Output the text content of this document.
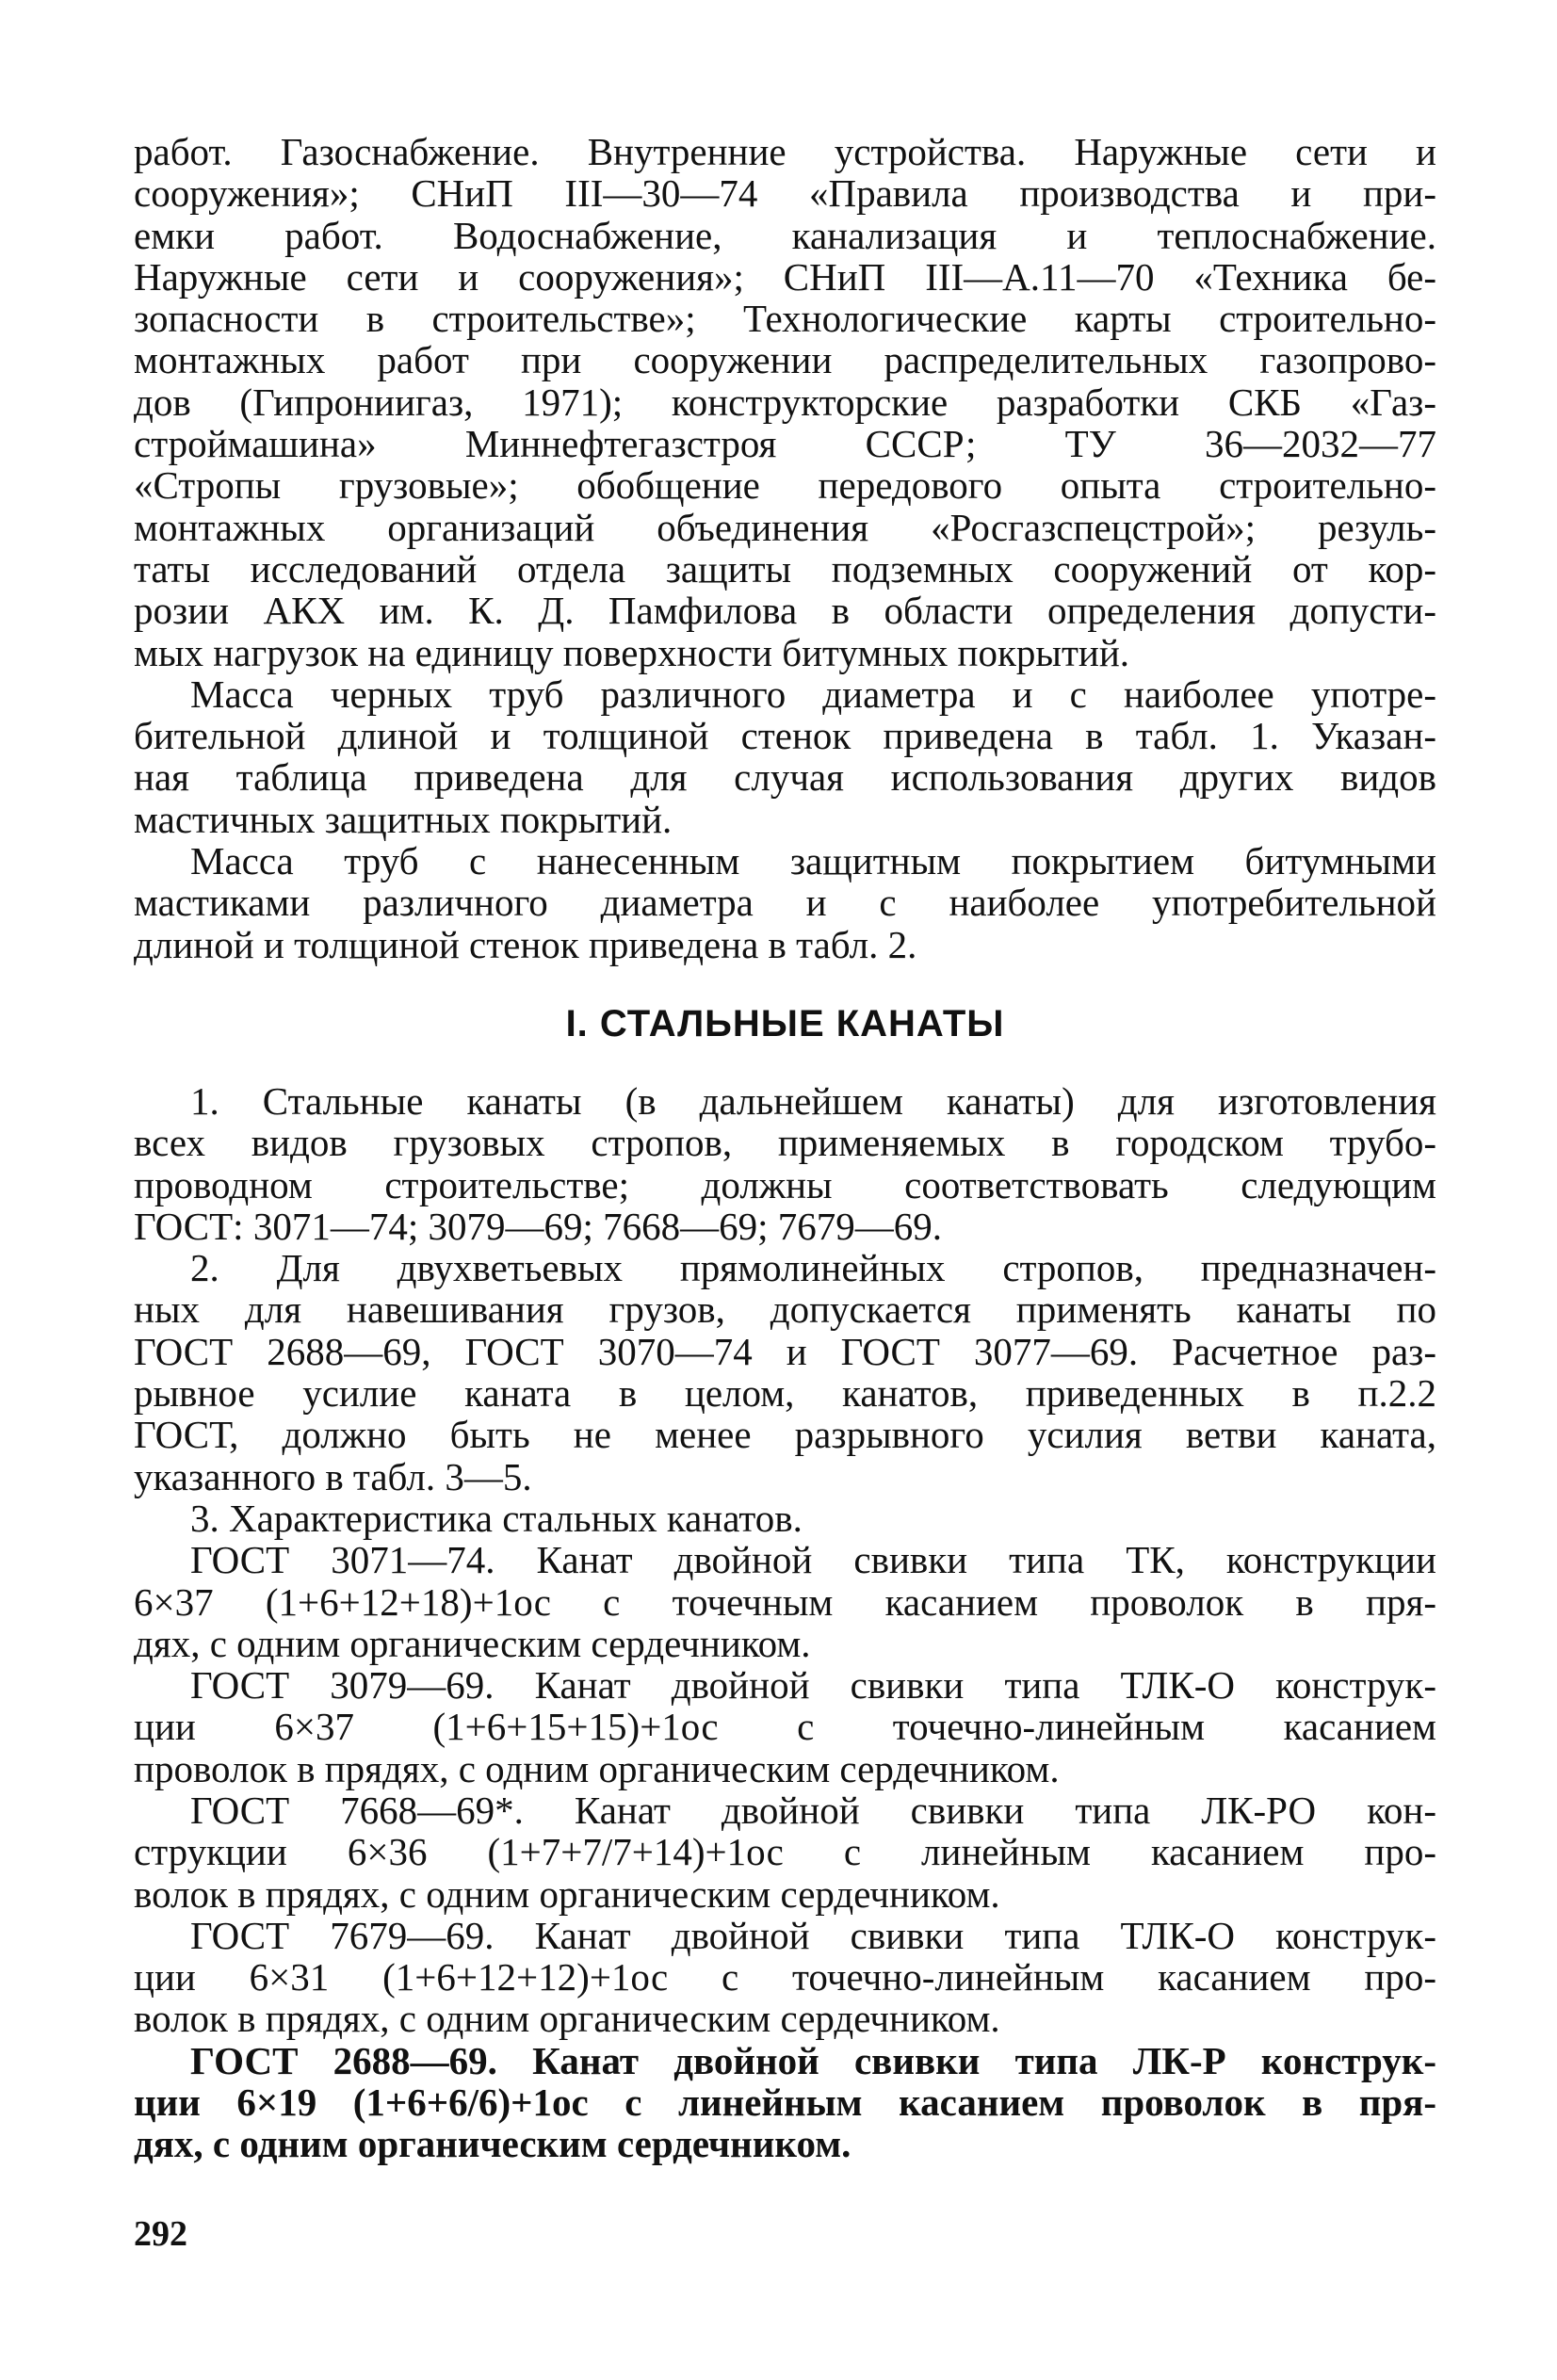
работ. Газоснабжение. Внутренние устройства. Наружные сети и
сооружения»; СНиП III—30—74 «Правила производства и при-
емки работ. Водоснабжение, канализация и теплоснабжение.
Наружные сети и сооружения»; СНиП III—А.11—70 «Техника бе-
зопасности в строительстве»; Технологические карты строительно-
монтажных работ при сооружении распределительных газопрово-
дов (Гипрониигаз, 1971); конструкторские разработки СКБ «Газ-
строймашина» Миннефтегазстроя СССР; ТУ 36—2032—77
«Стропы грузовые»; обобщение передового опыта строительно-
монтажных организаций объединения «Росгазспецстрой»; резуль-
таты исследований отдела защиты подземных сооружений от кор-
розии АКХ им. К. Д. Памфилова в области определения допусти-
мых нагрузок на единицу поверхности битумных покрытий.
Масса черных труб различного диаметра и с наиболее употре-
бительной длиной и толщиной стенок приведена в табл. 1. Указан-
ная таблица приведена для случая использования других видов
мастичных защитных покрытий.
Масса труб с нанесенным защитным покрытием битумными
мастиками различного диаметра и с наиболее употребительной
длиной и толщиной стенок приведена в табл. 2.
I. СТАЛЬНЫЕ КАНАТЫ
1. Стальные канаты (в дальнейшем канаты) для изготовления
всех видов грузовых стропов, применяемых в городском трубо-
проводном строительстве; должны соответствовать следующим
ГОСТ: 3071—74; 3079—69; 7668—69; 7679—69.
2. Для двухветьевых прямолинейных стропов, предназначен-
ных для навешивания грузов, допускается применять канаты по
ГОСТ 2688—69, ГОСТ 3070—74 и ГОСТ 3077—69. Расчетное раз-
рывное усилие каната в целом, канатов, приведенных в п.2.2
ГОСТ, должно быть не менее разрывного усилия ветви каната,
указанного в табл. 3—5.
3. Характеристика стальных канатов.
ГОСТ 3071—74. Канат двойной свивки типа ТК, конструкции
6×37 (1+6+12+18)+1ос с точечным касанием проволок в пря-
дях, с одним органическим сердечником.
ГОСТ 3079—69. Канат двойной свивки типа ТЛК-О конструк-
ции 6×37 (1+6+15+15)+1ос с точечно-линейным касанием
проволок в прядях, с одним органическим сердечником.
ГОСТ 7668—69*. Канат двойной свивки типа ЛК-РО кон-
струкции 6×36 (1+7+7/7+14)+1ос с линейным касанием про-
волок в прядях, с одним органическим сердечником.
ГОСТ 7679—69. Канат двойной свивки типа ТЛК-О конструк-
ции 6×31 (1+6+12+12)+1ос с точечно-линейным касанием про-
волок в прядях, с одним органическим сердечником.
ГОСТ 2688—69. Канат двойной свивки типа ЛК-Р конструк-
ции 6×19 (1+6+6/6)+1ос с линейным касанием проволок в пря-
дях, с одним органическим сердечником.
292
